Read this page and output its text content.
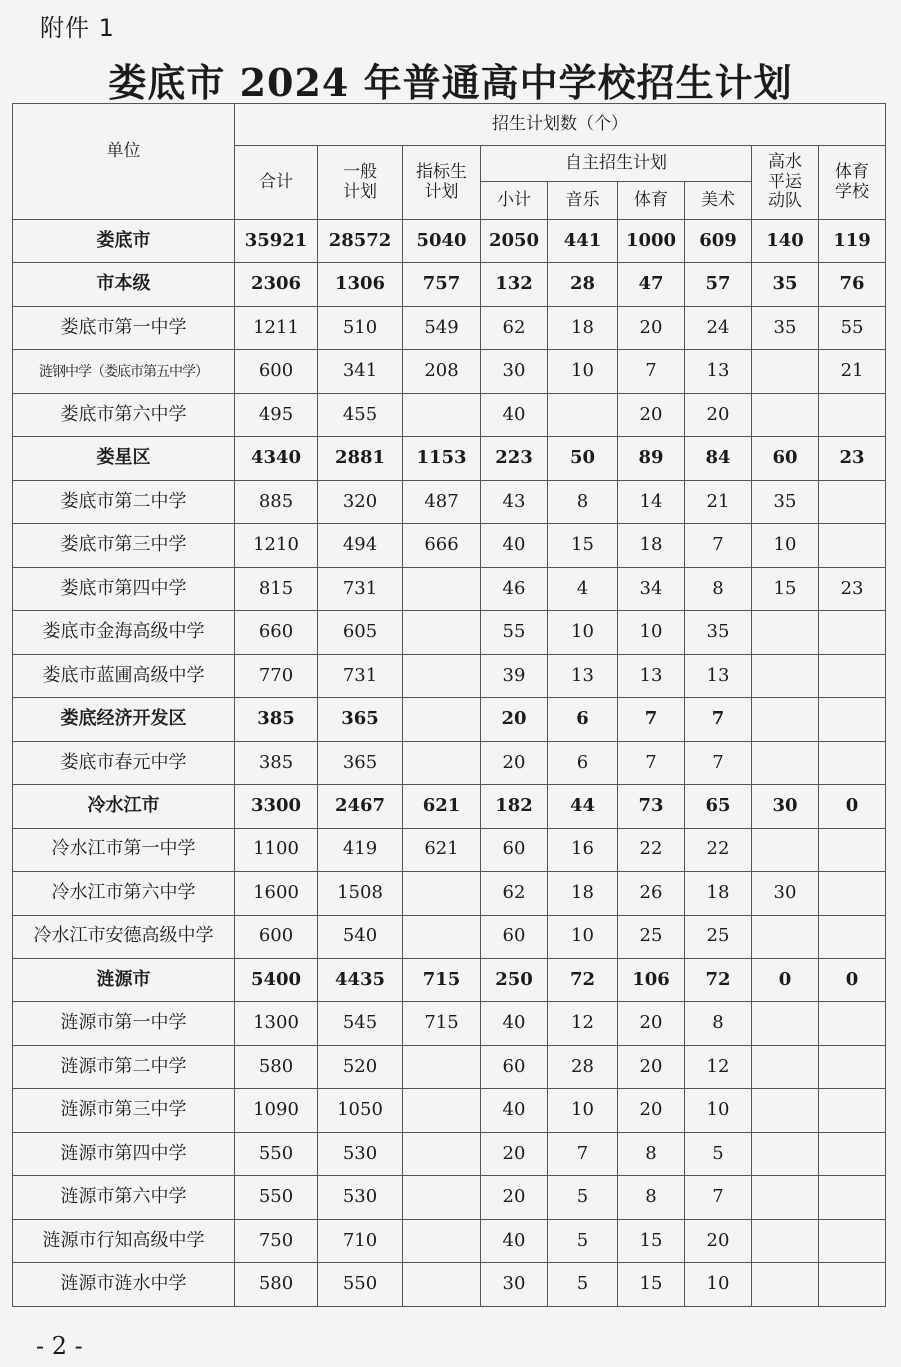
附件 1
娄底市 2024 年普通高中学校招生计划
单位	招生计划数（个）								
	合计	一般计划	指标生计划	自主招生计划				高水平运动队	体育学校

				小计	音乐	体育	美术		
娄底市	35921	28572	5040	2050	441	1000	609	140	119
市本级	2306	1306	757	132	28	47	57	35	76
娄底市第一中学	1211	510	549	62	18	20	24	35	55
涟钢中学（娄底市第五中学）	600	341	208	30	10	7	13		21
娄底市第六中学	495	455		40		20	20		
娄星区	4340	2881	1153	223	50	89	84	60	23
娄底市第二中学	885	320	487	43	8	14	21	35	
娄底市第三中学	1210	494	666	40	15	18	7	10	
娄底市第四中学	815	731		46	4	34	8	15	23
娄底市金海高级中学	660	605		55	10	10	35		
娄底市蓝圃高级中学	770	731		39	13	13	13		
娄底经济开发区	385	365		20	6	7	7		
娄底市春元中学	385	365		20	6	7	7		
冷水江市	3300	2467	621	182	44	73	65	30	0
冷水江市第一中学	1100	419	621	60	16	22	22		
冷水江市第六中学	1600	1508		62	18	26	18	30	
冷水江市安德高级中学	600	540		60	10	25	25		
涟源市	5400	4435	715	250	72	106	72	0	0
涟源市第一中学	1300	545	715	40	12	20	8		
涟源市第二中学	580	520		60	28	20	12		
涟源市第三中学	1090	1050		40	10	20	10		
涟源市第四中学	550	530		20	7	8	5		
涟源市第六中学	550	530		20	5	8	7		
涟源市行知高级中学	750	710		40	5	15	20		
涟源市涟水中学	580	550		30	5	15	10		
- 2 -
